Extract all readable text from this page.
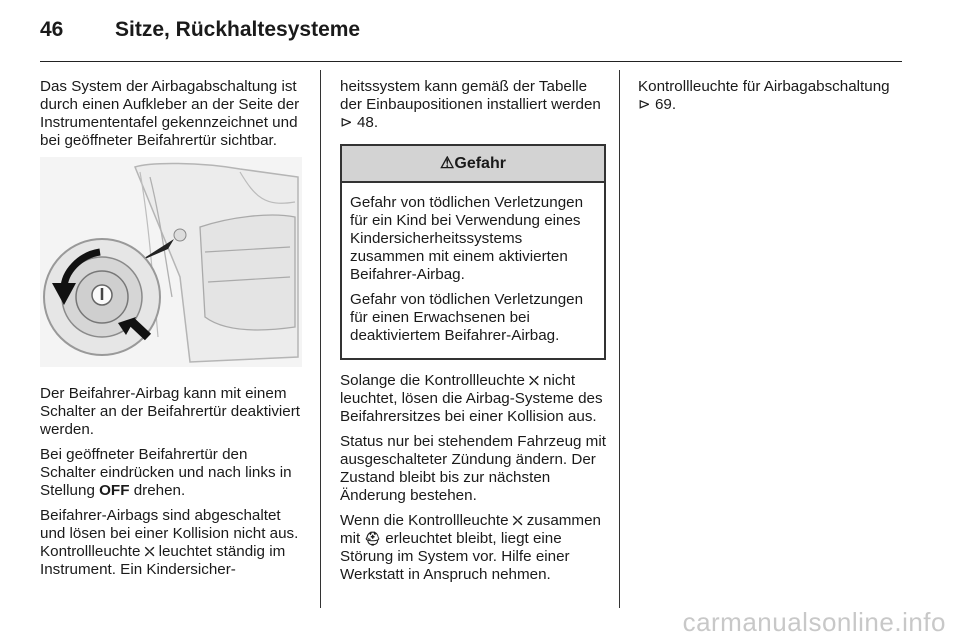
46 Sitze, Rückhaltesysteme

Das System der Airbagabschaltung ist durch einen Aufkleber an der Seite der Instrumententafel gekennzeichnet und bei geöffneter Beifahrertür sichtbar.

Der Beifahrer-Airbag kann mit einem Schalter an der Beifahrertür deaktiviert werden.

Bei geöffneter Beifahrertür den Schalter eindrücken und nach links in Stellung OFF drehen.

Beifahrer-Airbags sind abgeschaltet und lösen bei einer Kollision nicht aus. Kontrollleuchte ⛌ leuchtet ständig im Instrument. Ein Kindersicher-

heitssystem kann gemäß der Tabelle der Einbaupositionen installiert werden ⊳ 48.

⚠Gefahr

Gefahr von tödlichen Verletzungen für ein Kind bei Verwendung eines Kindersicherheitssystems zusammen mit einem aktivierten Beifahrer-Airbag.

Gefahr von tödlichen Verletzungen für einen Erwachsenen bei deaktiviertem Beifahrer-Airbag.

Solange die Kontrollleuchte ⛌ nicht leuchtet, lösen die Airbag-Systeme des Beifahrersitzes bei einer Kollision aus.

Status nur bei stehendem Fahrzeug mit ausgeschalteter Zündung ändern. Der Zustand bleibt bis zur nächsten Änderung bestehen.

Wenn die Kontrollleuchte ⛌ zusammen mit ⛑ erleuchtet bleibt, liegt eine Störung im System vor. Hilfe einer Werkstatt in Anspruch nehmen.

Kontrollleuchte für Airbagabschaltung ⊳ 69.

carmanualsonline.info
